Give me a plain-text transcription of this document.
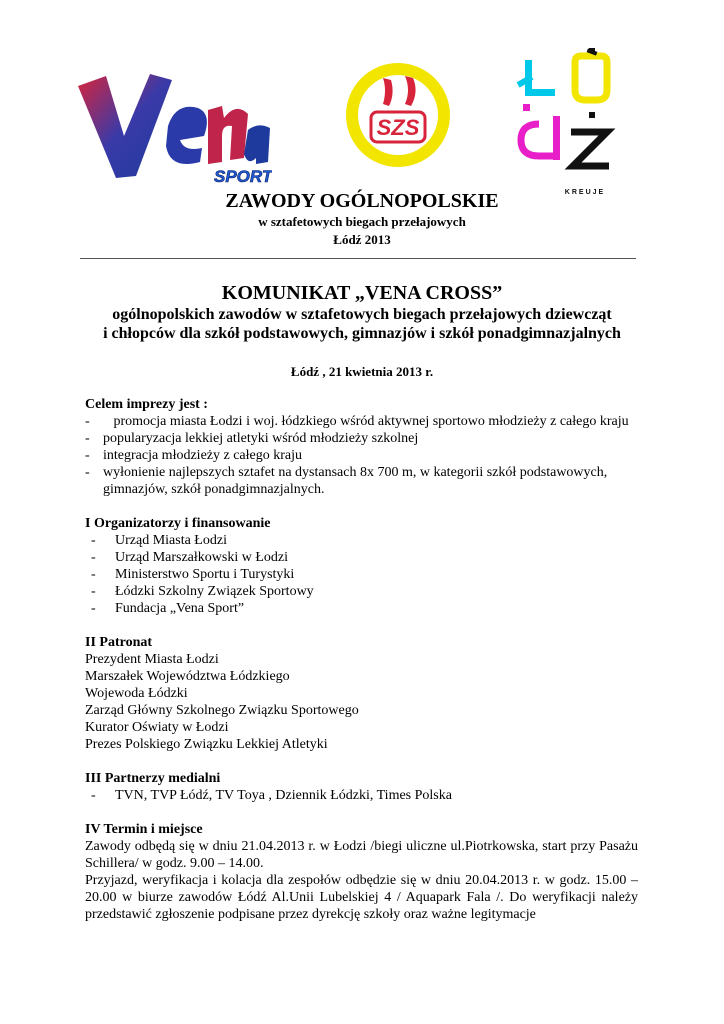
SPORT
SZS
KREUJE
ZAWODY OGÓLNOPOLSKIE
w sztafetowych biegach przełajowych
Łódź 2013
KOMUNIKAT „VENA CROSS”
ogólnopolskich zawodów w sztafetowych biegach przełajowych dziewcząt
i chłopców dla szkół podstawowych, gimnazjów i szkół ponadgimnazjalnych
Łódź , 21 kwietnia 2013 r.
Celem imprezy jest :
-    promocja miasta Łodzi i woj. łódzkiego wśród aktywnej sportowo młodzieży z całego kraju
- popularyzacja lekkiej atletyki wśród młodzieży szkolnej
- integracja młodzieży z całego kraju
- wyłonienie najlepszych sztafet na dystansach 8x 700 m, w kategorii szkół podstawowych, gimnazjów, szkół ponadgimnazjalnych.
I Organizatorzy i finansowanie
- Urząd Miasta Łodzi
- Urząd Marszałkowski w Łodzi
- Ministerstwo Sportu i Turystyki
- Łódzki Szkolny Związek Sportowy
- Fundacja „Vena Sport”
II Patronat
Prezydent Miasta Łodzi
Marszałek Województwa Łódzkiego
Wojewoda Łódzki
Zarząd Główny Szkolnego Związku Sportowego
Kurator Oświaty w Łodzi
Prezes Polskiego Związku Lekkiej Atletyki
III Partnerzy medialni
- TVN, TVP Łódź, TV Toya , Dziennik Łódzki, Times Polska
IV Termin i miejsce
Zawody odbędą się w dniu 21.04.2013 r. w Łodzi /biegi uliczne ul.Piotrkowska, start przy Pasażu Schillera/ w godz. 9.00 – 14.00.
Przyjazd, weryfikacja i kolacja dla zespołów odbędzie się w dniu 20.04.2013 r. w godz. 15.00 – 20.00 w biurze zawodów Łódź Al.Unii Lubelskiej 4 / Aquapark Fala /. Do weryfikacji należy przedstawić zgłoszenie podpisane przez dyrekcję szkoły oraz ważne legitymacje
